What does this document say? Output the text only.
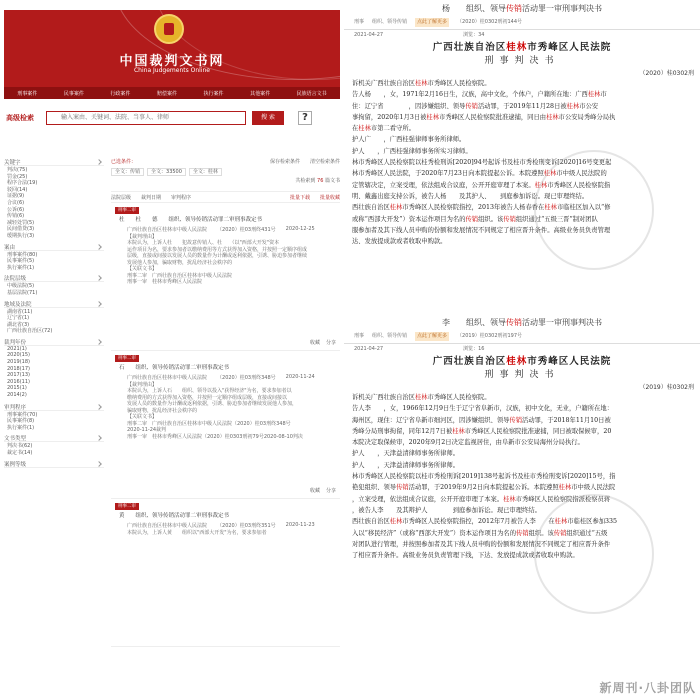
中国裁判文书网
China Judgements Online
刑事案件	民事案件	行政案件	赔偿案件	执行案件	其他案件	民族语言文书
高级检索	输入案由、关键词、法院、当事人、律师	搜 索	?
关键字
判决(75)
罚金(25)
程序合法(19)
驳回(14)
证据(9)
合议(6)
公诉(6)
传销(6)
减轻处罚(5)
民间借贷(3)
缓期执行(3)
案由
刑事案件(80)
民事案件(5)
执行案件(1)
法院层级
中级法院(5)
基层法院(71)
地域及法院
湖南省(11)
辽宁省(1)
湖北省(3)
广西壮族自治区(72)
裁判年份
2021(1)
2020(15)
2019(18)
2018(17)
2017(13)
2016(11)
2015(1)
2014(2)
审判程序
刑事案件(70)
民事案件(8)
执行案件(1)
文书类型
判决书(62)
裁定书(14)
案例等级
已选条件：	保存检索条件　　 清空检索条件
全文：传销	全文：33500	全文：桂林
共检索到 76 篇文书
法院层级 裁判日期 审判程序	批量下载 批量收藏
刑事二审
杜　　杜　　德　　组织、领导传销活动罪二审刑事裁定书
广西壮族自治区桂林市中级人民法院 （2020）桂03刑终431号 2020-12-25
【裁判理由】
本院认为，上诉人杜　　犯故意传销人、杜　　（以"西部大开发"资本
运作项目为名，要求参加者以缴纳费用等方式获得加入资格，并按照一定顺序组成
层级，直接或间接以发展人员的数量作为计酬或返利依据，引诱、胁迫参加者继续
发展他人参加，骗取财物，扰乱经济社会秩序的
【关联文书】
刑事二审　广西壮族自治区桂林市中级人民法院
刑事一审　桂林市秀峰区人民法院
收藏 分享
刑事二审
石　　组织、领导传销活动罪二审刑事裁定书
广西壮族自治区桂林市中级人民法院 （2020）桂03刑终348号 2020-11-24
【裁判理由】
本院认为，上诉人石　　组织、领导以投入"获得经济"为名，要求参加者以
缴纳费用的方式获得加入资格，并按照一定顺序组成层级，直接或间接以
发展人员的数量作为计酬或返利依据，引诱、胁迫参加者继续发展他人参加，
骗取财物，扰乱经济社会秩序的
【关联文书】
刑事二审　广西壮族自治区桂林市中级人民法院（2020）桂03刑终348号
2020-11-24裁判
刑事一审　桂林市秀峰区人民法院（2020）桂0303刑初79号2020-08-10判决
收藏 分享
刑事二审
黄　　组织、领导传销活动罪二审刑事裁定书
广西壮族自治区桂林市中级人民法院 （2020）桂03刑终351号 2020-11-23
本院认为，上诉人黄　　组织以"西部大开发"为名，要求参加者
杨　　组织、领导传销活动罪一审刑事判决书
刑事 组织、领导传销	点此了解更多	（2020）桂0302刑初144号
2021-04-27　　　　　　　　　　　　　　　　	浏览：34
广西壮族自治区桂林市秀峰区人民法院
刑事判决书
（2020）桂0302刑

诉机关广西壮族自治区桂林市秀峰区人民检察院。

告人杨　　，女，1971年2月16日生，汉族，高中文化，个体户，户籍所在地：广西桂林市

住：辽宁省　　　　，因涉嫌组织、领导传销活动罪，于2019年11月28日被桂林市公安

事拘留，2020年1月3日被桂林市秀峰区人民检察院批准逮捕，同日由桂林市公安局秀峰分局执

在桂林市第二看守所。

护人广　　，广西桂强律师事务所律师。

护人　　，广西桂强律师事务所实习律师。

林市秀峰区人民检察院以桂秀检刑诉[2020]94号起诉书及桂市秀检刑变诉[2020]16号变更起

林市秀峰区人民法院，于2020年7月23日向本院提起公诉。本院遵照桂林市中级人民法院的

定管辖决定，立案受理，依法组成合议庭，公开开庭审理了本案。桂林市秀峰区人民检察院指

明、戴鑫出庭支持公诉，被告人杨　　及其护人、　　到庭参加诉讼。现已审理终结。

西壮族自治区桂林市秀峰区人民检察院指控，2013年被告人杨春香在桂林市临桂区加入以“修

或称“西部大开发”）资本运作项目为名的传销组织。该传销组织通过“五级三晋”制对团队

服参加者及其下线人员申购的份额和发展情况不同规定了相应晋升条件。高级业务员负责管理

达、发放提成款或者收取申购款。

李　　组织、领导传销活动罪一审刑事判决书
刑事 组织、领导传销	点此了解更多	（2019）桂0302刑初197号
2021-04-27　　　　　　　　　　　　　　　　	浏览：16
广西壮族自治区桂林市秀峰区人民法院
刑事判决书
（2019）桂0302刑

诉机关广西壮族自治区桂林市秀峰区人民检察院。

告人李　　，女，1966年12月9日生于辽宁省阜新市，汉族，初中文化，无业，户籍所在地：

海州区，现住：辽宁省阜新市细河区，因涉嫌组织、领导传销活动罪，于2018年11月10日被

秀峰分局刑事拘留，同年12月7日被桂林市秀峰区人民检察院批准逮捕，同日被取保候审，20

本院决定取保候审，2020年9月2日决定监视居住，由阜新市公安局海州分局执行。

护人　　，天津益清律师事务所律师。

护人　　，天津益清律师事务所律师。

林市秀峰区人民检察院以桂市秀检刑诉[2019]138号起诉书及桂市秀检刑变诉[2020]15号，指

艳犯组织、领导传销活动罪，于2019年9月2日向本院提起公诉。本院遵照桂林市中级人民法院

，立案受理，依法组成合议庭，公开开庭审理了本案。桂林市秀峰区人民检察院指派检察员蒋

，被告人李　　及其辩护人　　　　到庭参加诉讼。现已审理终结。

西壮族自治区桂林市秀峰区人民检察院指控，2012年7月被告人李　　在桂林市临桂区参加335

入以“移民经济”（或称“西部大开发”）资本运作项目为名的传销组织。该传销组织通过“五级

对团队进行管理，并按照参加者及其下线人员申购的份额和发展情况不同规定了相应晋升条件

了相应晋升条件。高级业务员负责管理下线，下达、发放提成款或者收取申购款。

新周刊·八卦团队
